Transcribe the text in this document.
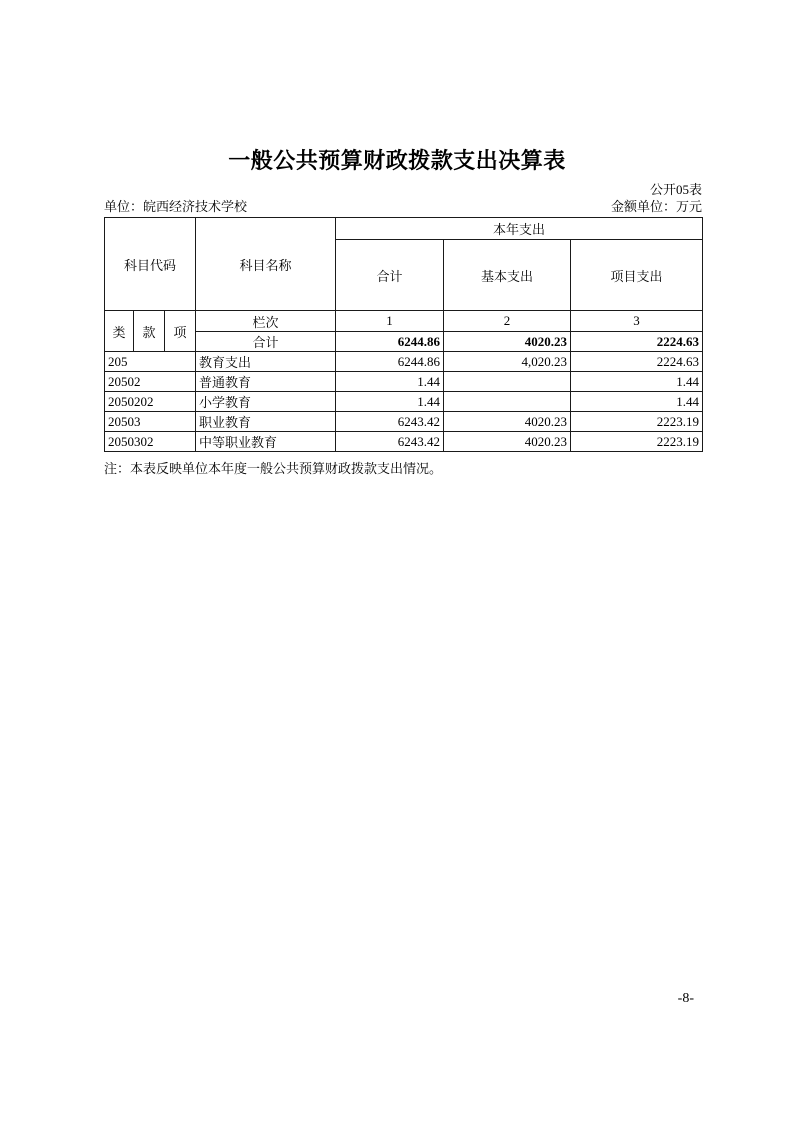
一般公共预算财政拨款支出决算表
公开05表
单位：皖西经济技术学校	金额单位：万元
科目代码			科目名称	本年支出		
				合计	基本支出	项目支出
类	款	项	栏次	1	2	3
			合计	6244.86	4020.23	2224.63
205			教育支出	6244.86	4,020.23	2224.63
20502			普通教育	1.44		1.44
2050202			小学教育	1.44		1.44
20503			职业教育	6243.42	4020.23	2223.19
2050302			中等职业教育	6243.42	4020.23	2223.19
注：本表反映单位本年度一般公共预算财政拨款支出情况。
-8-
